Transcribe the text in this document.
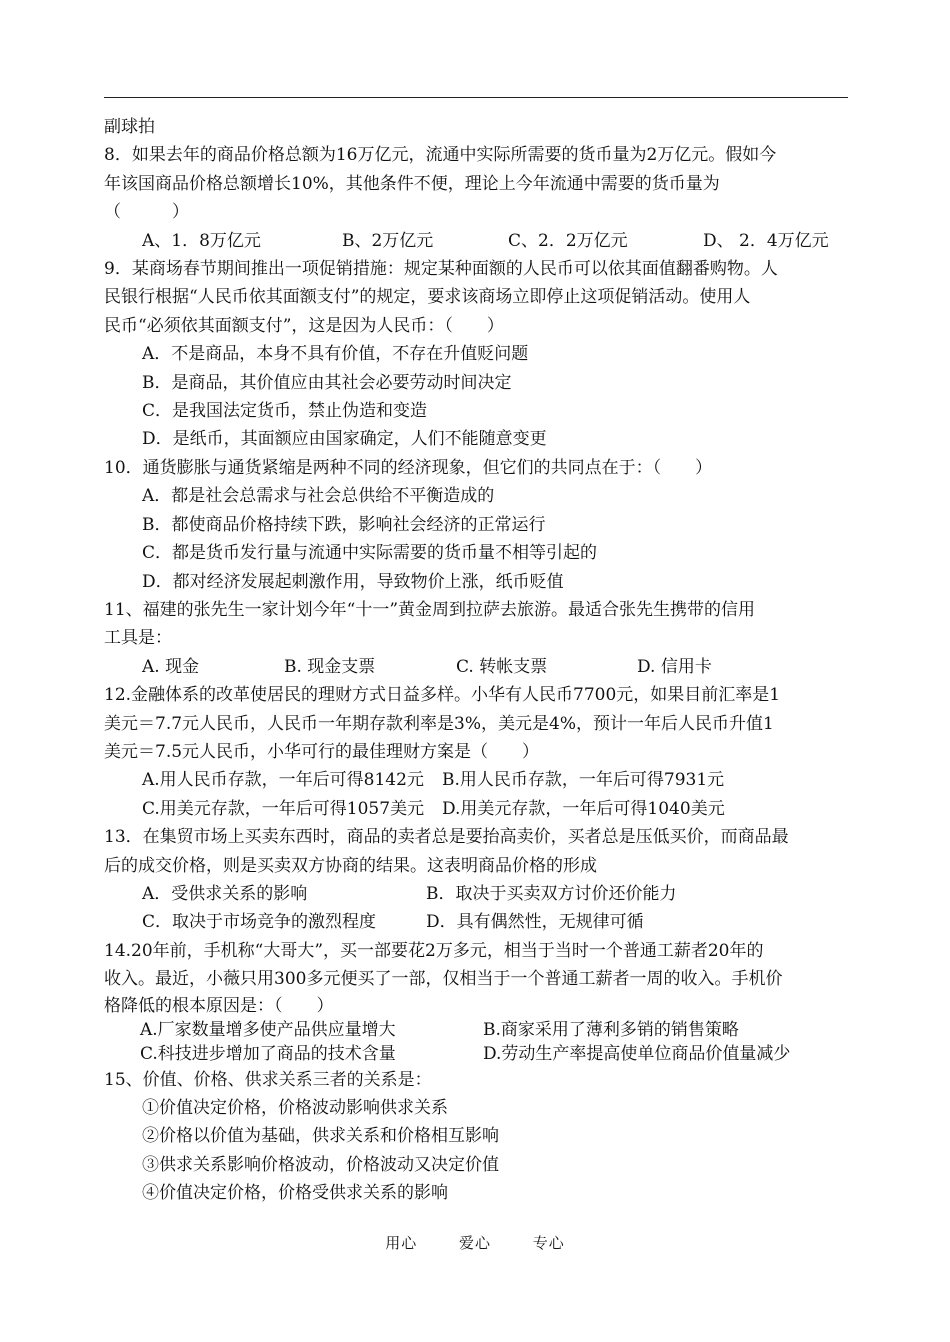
副球拍
8．如果去年的商品价格总额为16万亿元，流通中实际所需要的货币量为2万亿元。假如今
年该国商品价格总额增长10%，其他条件不便，理论上今年流通中需要的货币量为
（　　　）
A、1．8万亿元	B、2万亿元	C、2．2万亿元	D、 2．4万亿元
9．某商场春节期间推出一项促销措施：规定某种面额的人民币可以依其面值翻番购物。人
民银行根据“人民币依其面额支付”的规定，要求该商场立即停止这项促销活动。使用人
民币“必须依其面额支付”，这是因为人民币：（　　）
A．不是商品，本身不具有价值，不存在升值贬问题
B．是商品，其价值应由其社会必要劳动时间决定
C．是我国法定货币，禁止伪造和变造
D．是纸币，其面额应由国家确定，人们不能随意变更
10．通货膨胀与通货紧缩是两种不同的经济现象，但它们的共同点在于：（　　）
A．都是社会总需求与社会总供给不平衡造成的
B．都使商品价格持续下跌，影响社会经济的正常运行
C．都是货币发行量与流通中实际需要的货币量不相等引起的
D．都对经济发展起刺激作用，导致物价上涨，纸币贬值
11、福建的张先生一家计划今年“十一”黄金周到拉萨去旅游。最适合张先生携带的信用
工具是：
A. 现金	B. 现金支票	C. 转帐支票	D. 信用卡
12.金融体系的改革使居民的理财方式日益多样。小华有人民币7700元，如果目前汇率是1
美元＝7.7元人民币，人民币一年期存款利率是3%，美元是4%，预计一年后人民币升值1
美元＝7.5元人民币，小华可行的最佳理财方案是（　　）
A.用人民币存款，一年后可得8142元	B.用人民币存款，一年后可得7931元
C.用美元存款，一年后可得1057美元	D.用美元存款，一年后可得1040美元
13．在集贸市场上买卖东西时，商品的卖者总是要抬高卖价，买者总是压低买价，而商品最
后的成交价格，则是买卖双方协商的结果。这表明商品价格的形成
A．受供求关系的影响	B．取决于买卖双方讨价还价能力
C．取决于市场竞争的激烈程度	D．具有偶然性，无规律可循
14.20年前，手机称“大哥大”，买一部要花2万多元，相当于当时一个普通工薪者20年的
收入。最近，小薇只用300多元便买了一部，仅相当于一个普通工薪者一周的收入。手机价
格降低的根本原因是：（　　）
A.厂家数量增多使产品供应量增大	B.商家采用了薄利多销的销售策略
C.科技进步增加了商品的技术含量	D.劳动生产率提高使单位商品价值量减少
15、价值、价格、供求关系三者的关系是：
①价值决定价格，价格波动影响供求关系
②价格以价值为基础，供求关系和价格相互影响
③供求关系影响价格波动，价格波动又决定价值
④价值决定价格，价格受供求关系的影响
用心	爱心	专心
